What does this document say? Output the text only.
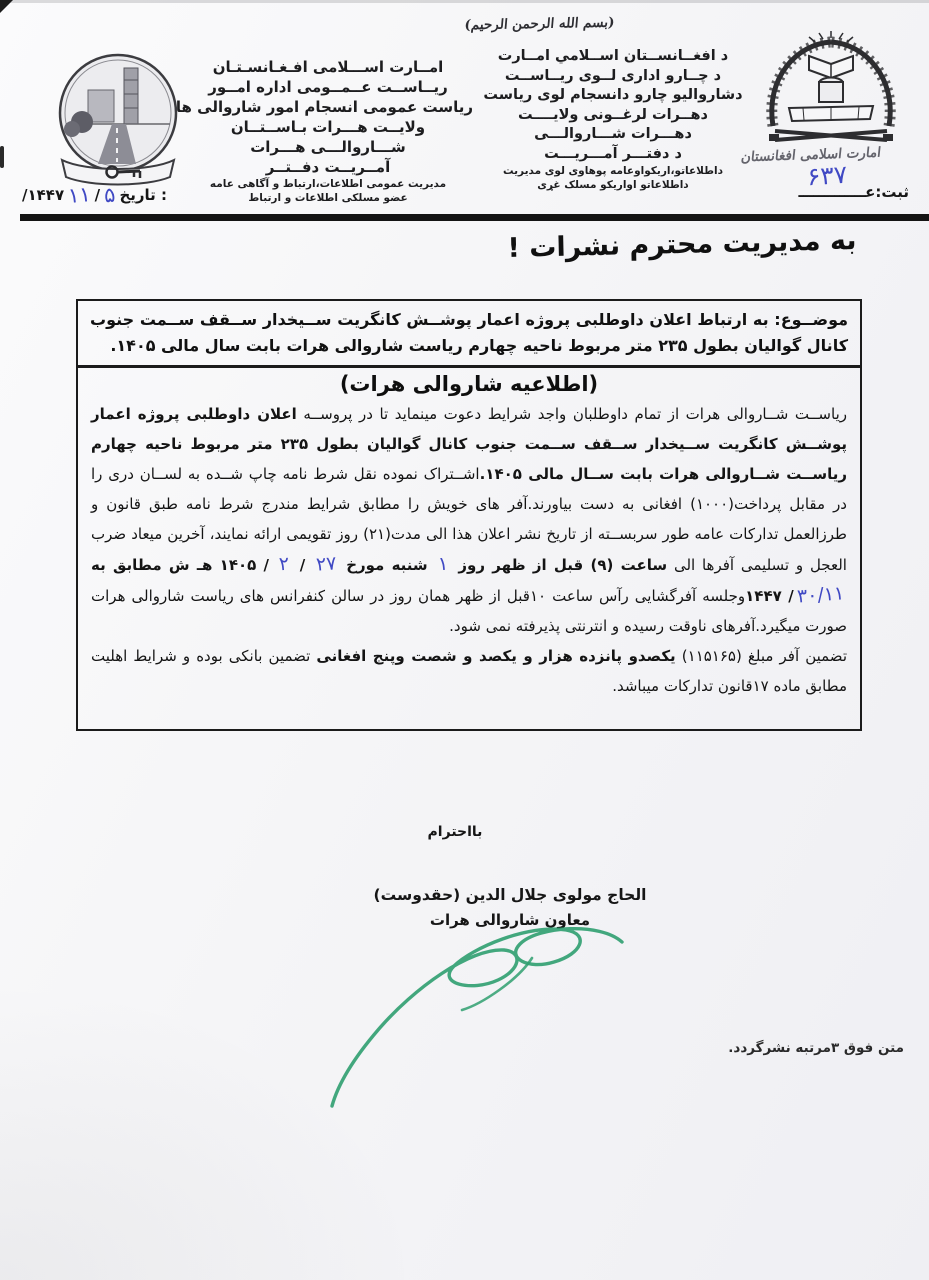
(بسم الله الرحمن الرحیم)
امارت اسلامی افغانستان
د افغــانســتان اســلامي امــارت
د چــارو اداری لــوی ریــاســت
دشاروالیو چارو دانسجام لوی ریاست
دهــرات لرغــونی ولایــــت
دهـــرات شـــاروالـــی
د دفتـــر آمـــریـــت
داطلاعاتو،اریکواوعامه پوهاوی لوی مدیریت
داطلاعاتو اواریکو مسلک غړی
امــارت اســـلامی افـغـانسـتـان
ریــاســت عــمــومی اداره امــور
ریاست عمومی انسجام امور شاروالی ها
ولایــت هـــرات بـاســتــان
شـــاروالـــی هـــرات
آمــریــت دفــتــر
مدیریت عمومی اطلاعات،ارتباط و آگاهی عامه
عضو مسلکی اطلاعات و ارتباط	ثبت:عـــــــــــــ
۶۳۷
تاریخ :
۵
/
۱۱
/۱۴۴۷
به مدیریت محترم نشرات !
موضــوع: به ارتباط اعلان داوطلبی پروژه اعمار پوشــش کانگریت ســیخدار ســقف ســمت جنوب کانال گوالیان بطول ۲۳۵ متر مربوط ناحیه چهارم ریاست شاروالی هرات بابت سال مالی ۱۴۰۵.
(اطلاعیه شاروالی هرات)

ریاســت شــاروالی هرات از تمام داوطلبان واجد شرایط دعوت مینماید تا در پروســه اعلان داوطلبی پروژه اعمار پوشــش کانگریت ســیخدار ســقف ســمت جنوب کانال گوالیان بطول ۲۳۵ متر مربوط ناحیه چهارم ریاســت شــاروالی هرات بابت ســال مالی ۱۴۰۵.اشــتراک نموده نقل شرط نامه چاپ شــده به لســان دری را در مقابل پرداخت(۱۰۰۰) افغانی به دست بیاورند.آفر های خویش را مطابق شرایط مندرج شرط نامه طبق قانون و طرزالعمل تدارکات عامه طور سربســته از تاریخ نشر اعلان هذا الی مدت(۲۱) روز تقویمی ارائه نمایند، آخرین میعاد ضرب العجل و تسلیمی آفرها الی ساعت (۹) قبل از ظهر روز ۱ شنبه مورخ ۲۷ / ۲ / ۱۴۰۵ هـ ش مطابق به ۳۰/۱۱/ ۱۴۴۷وجلسه آفرگشایی رآس ساعت ۱۰قبل از ظهر همان روز در سالن کنفرانس های ریاست شاروالی هرات صورت میگیرد.آفرهای ناوقت رسیده و انترنتی پذیرفته نمی شود.

تضمین آفر مبلغ (۱۱۵۱۶۵) یکصدو پانزده هزار و یکصد و شصت وپنج افغانی تضمین بانکی بوده و شرایط اهلیت مطابق ماده ۱۷قانون تدارکات میباشد.

بااحترام
الحاج مولوی جلال الدین (حقدوست)
معاون شاروالی هرات
متن فوق ۳مرتبه نشرگردد.
